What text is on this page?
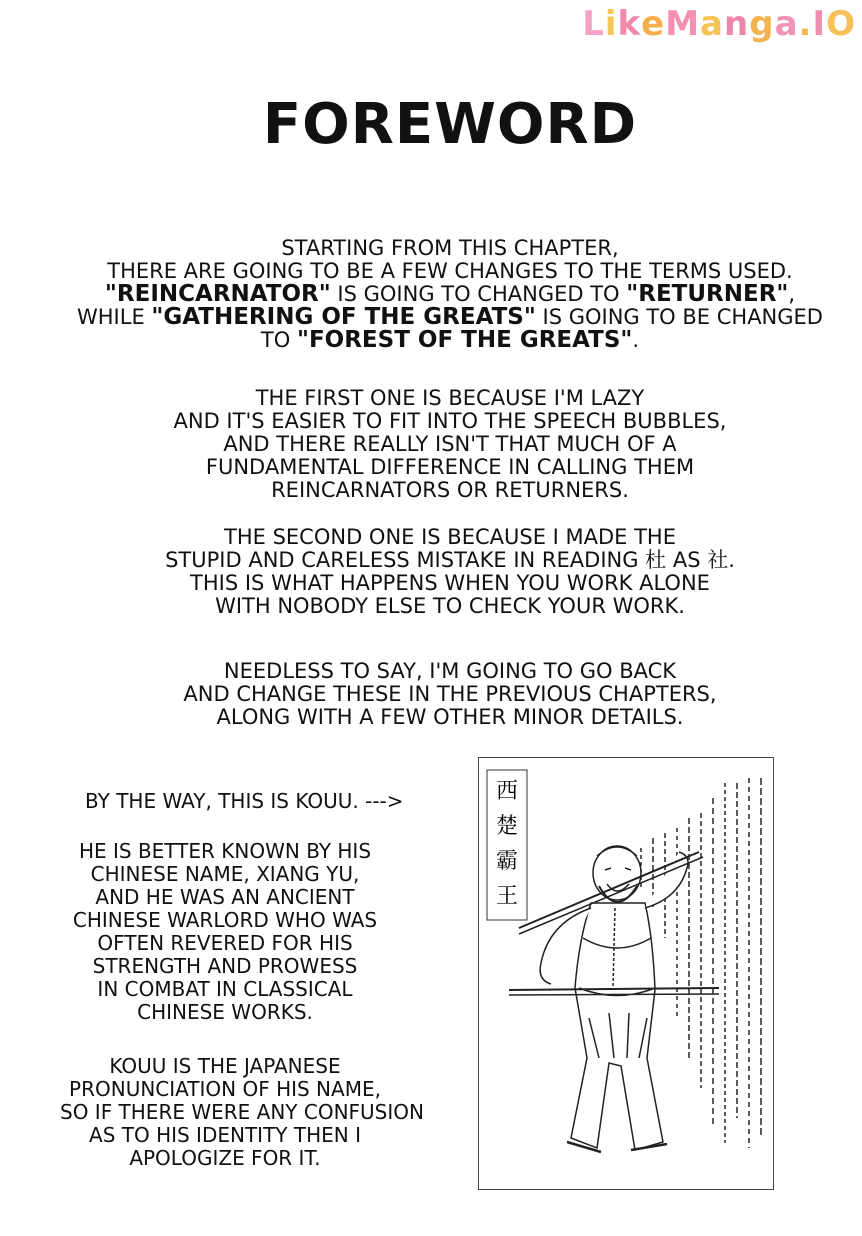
LikeManga.IO
FOREWORD
STARTING FROM THIS CHAPTER,
THERE ARE GOING TO BE A FEW CHANGES TO THE TERMS USED.
"REINCARNATOR" IS GOING TO CHANGED TO "RETURNER",
WHILE "GATHERING OF THE GREATS" IS GOING TO BE CHANGED
TO "FOREST OF THE GREATS".
THE FIRST ONE IS BECAUSE I'M LAZY
AND IT'S EASIER TO FIT INTO THE SPEECH BUBBLES,
AND THERE REALLY ISN'T THAT MUCH OF A
FUNDAMENTAL DIFFERENCE IN CALLING THEM
REINCARNATORS OR RETURNERS.
THE SECOND ONE IS BECAUSE I MADE THE
STUPID AND CARELESS MISTAKE IN READING 杜 AS 社.
THIS IS WHAT HAPPENS WHEN YOU WORK ALONE
WITH NOBODY ELSE TO CHECK YOUR WORK.
NEEDLESS TO SAY, I'M GOING TO GO BACK
AND CHANGE THESE IN THE PREVIOUS CHAPTERS,
ALONG WITH A FEW OTHER MINOR DETAILS.
BY THE WAY, THIS IS KOUU. --->
HE IS BETTER KNOWN BY HIS
CHINESE NAME, XIANG YU,
AND HE WAS AN ANCIENT
CHINESE WARLORD WHO WAS
OFTEN REVERED FOR HIS
STRENGTH AND PROWESS
IN COMBAT IN CLASSICAL
CHINESE WORKS.
KOUU IS THE JAPANESE
PRONUNCIATION OF HIS NAME,
SO IF THERE WERE ANY CONFUSION
AS TO HIS IDENTITY THEN I
APOLOGIZE FOR IT.
西
楚
霸
王
